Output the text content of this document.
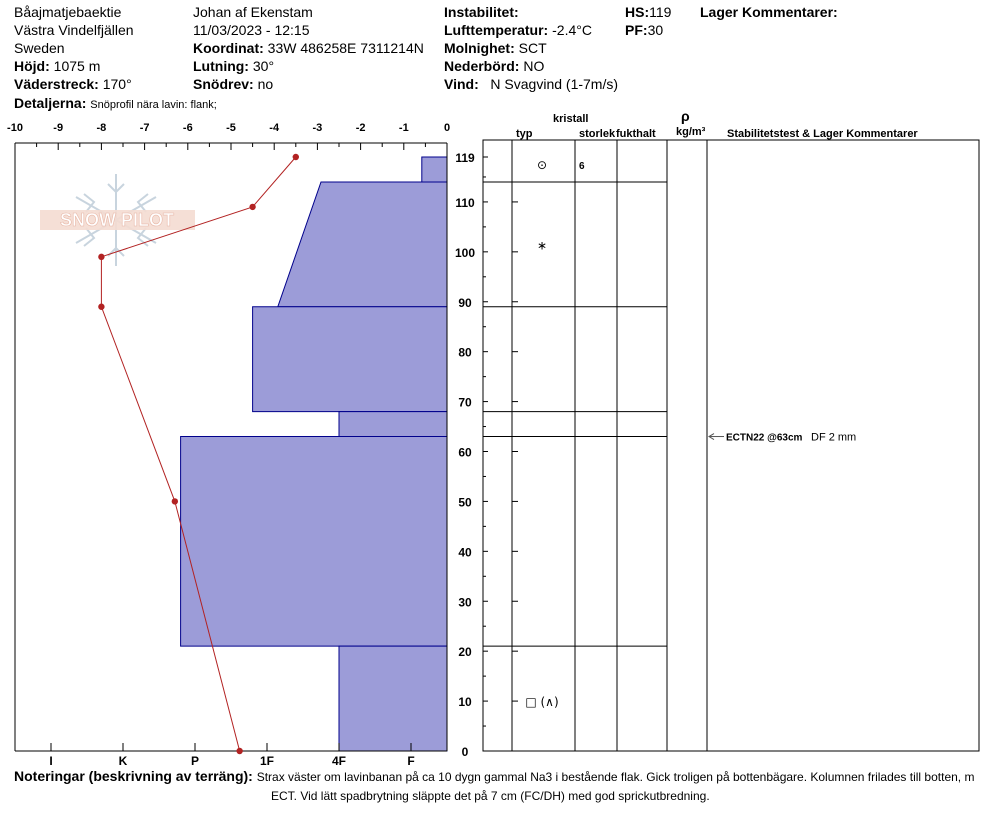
Båajmatjebaektie
Västra Vindelfjällen
Sweden
Höjd: 1075 m
Väderstreck: 170°
Detaljerna: Snöprofil nära lavin: flank;
Johan af Ekenstam
11/03/2023 - 12:15
Koordinat: 33W 486258E 7311214N
Lutning: 30°
Snödrev: no
Instabilitet:
Lufttemperatur: -2.4°C
Molnighet: SCT
Nederbörd: NO
Vind: N Svagvind (1-7m/s)
HS:119
PF:30
Lager Kommentarer:
kristall
typ	storlek fukthalt
ρ
kg/m³ Stabilitetstest & Lager Kommentarer
SNOW PILOT
-10	-9	-8	-7	-6	-5	-4	-3	-2	-1	0
I	K	P	1F	4F	F
0
10
20
30
40
50
60
70
80
90
100
110
119	⊙	6
∗
□ (∧)
ECTN22 @63cm DF 2 mm
Noteringar (beskrivning av terräng): Strax väster om lavinbanan på ca 10 dygn gammal Na3 i bestående flak. Gick troligen på bottenbägare. Kolumnen frilades till botten, m
ECT. Vid lätt spadbrytning släppte det på 7 cm (FC/DH) med god sprickutbredning.
